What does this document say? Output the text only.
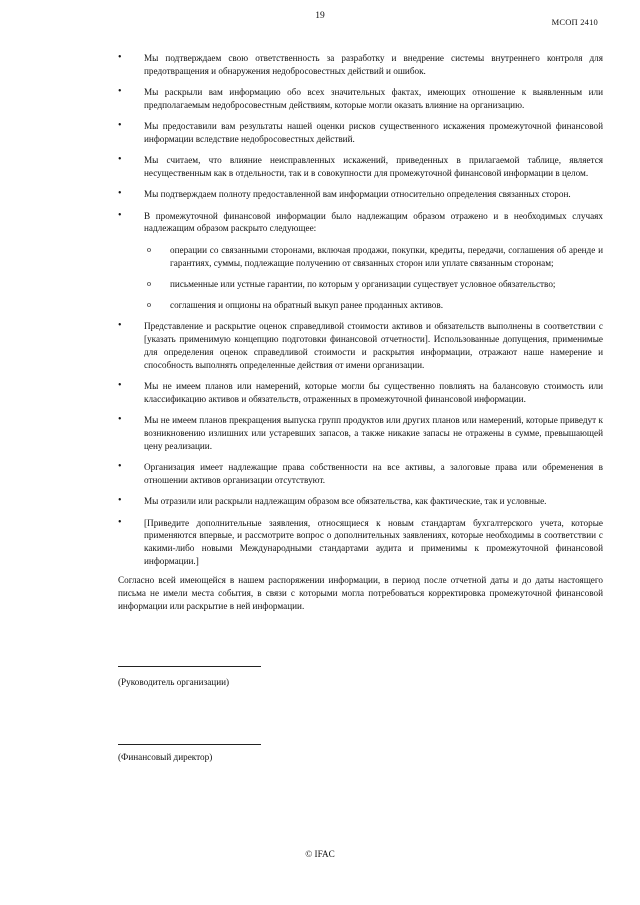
19
МСОП 2410
• Мы подтверждаем свою ответственность за разработку и внедрение системы внутреннего контроля для предотвращения и обнаружения недобросовестных действий и ошибок.
• Мы раскрыли вам информацию обо всех значительных фактах, имеющих отношение к выявленным или предполагаемым недобросовестным действиям, которые могли оказать влияние на организацию.
• Мы предоставили вам результаты нашей оценки рисков существенного искажения промежуточной финансовой информации вследствие недобросовестных действий.
• Мы считаем, что влияние неисправленных искажений, приведенных в прилагаемой таблице, является несущественным как в отдельности, так и в совокупности для промежуточной финансовой информации в целом.
• Мы подтверждаем полноту предоставленной вам информации относительно определения связанных сторон.
• В промежуточной финансовой информации было надлежащим образом отражено и в необходимых случаях надлежащим образом раскрыто следующее:
o операции со связанными сторонами, включая продажи, покупки, кредиты, передачи, соглашения об аренде и гарантиях, суммы, подлежащие получению от связанных сторон или уплате связанным сторонам;
o письменные или устные гарантии, по которым у организации существует условное обязательство;
o соглашения и опционы на обратный выкуп ранее проданных активов.
• Представление и раскрытие оценок справедливой стоимости активов и обязательств выполнены в соответствии с [указать применимую концепцию подготовки финансовой отчетности]. Использованные допущения, применимые для определения оценок справедливой стоимости и раскрытия информации, отражают наше намерение и способность выполнять определенные действия от имени организации.
• Мы не имеем планов или намерений, которые могли бы существенно повлиять на балансовую стоимость или классификацию активов и обязательств, отраженных в промежуточной финансовой информации.
• Мы не имеем планов прекращения выпуска групп продуктов или других планов или намерений, которые приведут к возникновению излишних или устаревших запасов, а также никакие запасы не отражены в сумме, превышающей цену реализации.
• Организация имеет надлежащие права собственности на все активы, а залоговые права или обременения в отношении активов организации отсутствуют.
• Мы отразили или раскрыли надлежащим образом все обязательства, как фактические, так и условные.
• [Приведите дополнительные заявления, относящиеся к новым стандартам бухгалтерского учета, которые применяются впервые, и рассмотрите вопрос о дополнительных заявлениях, которые необходимы в соответствии с какими-либо новыми Международными стандартами аудита и применимы к промежуточной финансовой информации.]
Согласно всей имеющейся в нашем распоряжении информации, в период после отчетной даты и до даты настоящего письма не имели места события, в связи с которыми могла потребоваться корректировка промежуточной финансовой информации или раскрытие в ней информации.
(Руководитель организации)
(Финансовый директор)
© IFAC
